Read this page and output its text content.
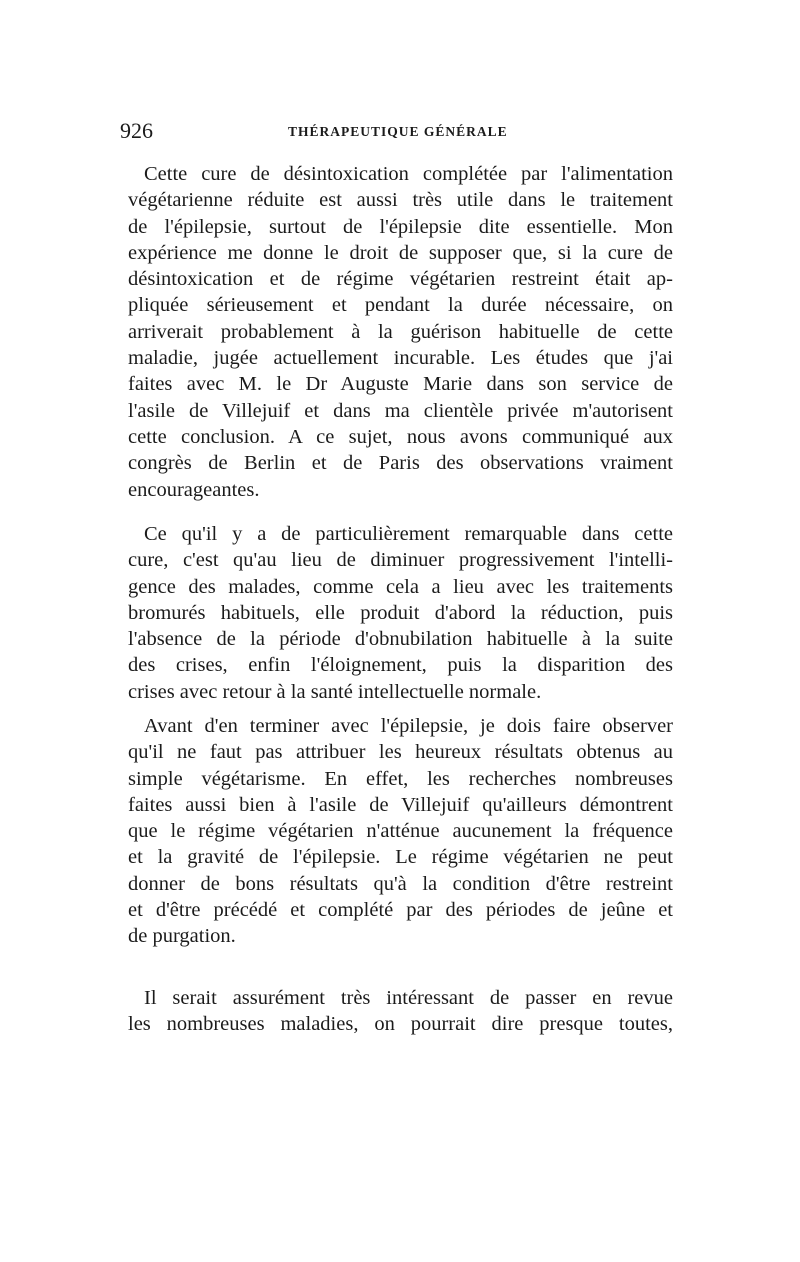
926	THÉRAPEUTIQUE GÉNÉRALE
Cette cure de désintoxication complétée par l'alimentation
végétarienne réduite est aussi très utile dans le traitement
de l'épilepsie, surtout de l'épilepsie dite essentielle. Mon
expérience me donne le droit de supposer que, si la cure de
désintoxication et de régime végétarien restreint était ap-
pliquée sérieusement et pendant la durée nécessaire, on
arriverait probablement à la guérison habituelle de cette
maladie, jugée actuellement incurable. Les études que j'ai
faites avec M. le Dr Auguste Marie dans son service de
l'asile de Villejuif et dans ma clientèle privée m'autorisent
cette conclusion. A ce sujet, nous avons communiqué aux
congrès de Berlin et de Paris des observations vraiment
encourageantes.
Ce qu'il y a de particulièrement remarquable dans cette
cure, c'est qu'au lieu de diminuer progressivement l'intelli-
gence des malades, comme cela a lieu avec les traitements
bromurés habituels, elle produit d'abord la réduction, puis
l'absence de la période d'obnubilation habituelle à la suite
des crises, enfin l'éloignement, puis la disparition des
crises avec retour à la santé intellectuelle normale.
Avant d'en terminer avec l'épilepsie, je dois faire observer
qu'il ne faut pas attribuer les heureux résultats obtenus au
simple végétarisme. En effet, les recherches nombreuses
faites aussi bien à l'asile de Villejuif qu'ailleurs démontrent
que le régime végétarien n'atténue aucunement la fréquence
et la gravité de l'épilepsie. Le régime végétarien ne peut
donner de bons résultats qu'à la condition d'être restreint
et d'être précédé et complété par des périodes de jeûne et
de purgation.
Il serait assurément très intéressant de passer en revue
les nombreuses maladies, on pourrait dire presque toutes,
